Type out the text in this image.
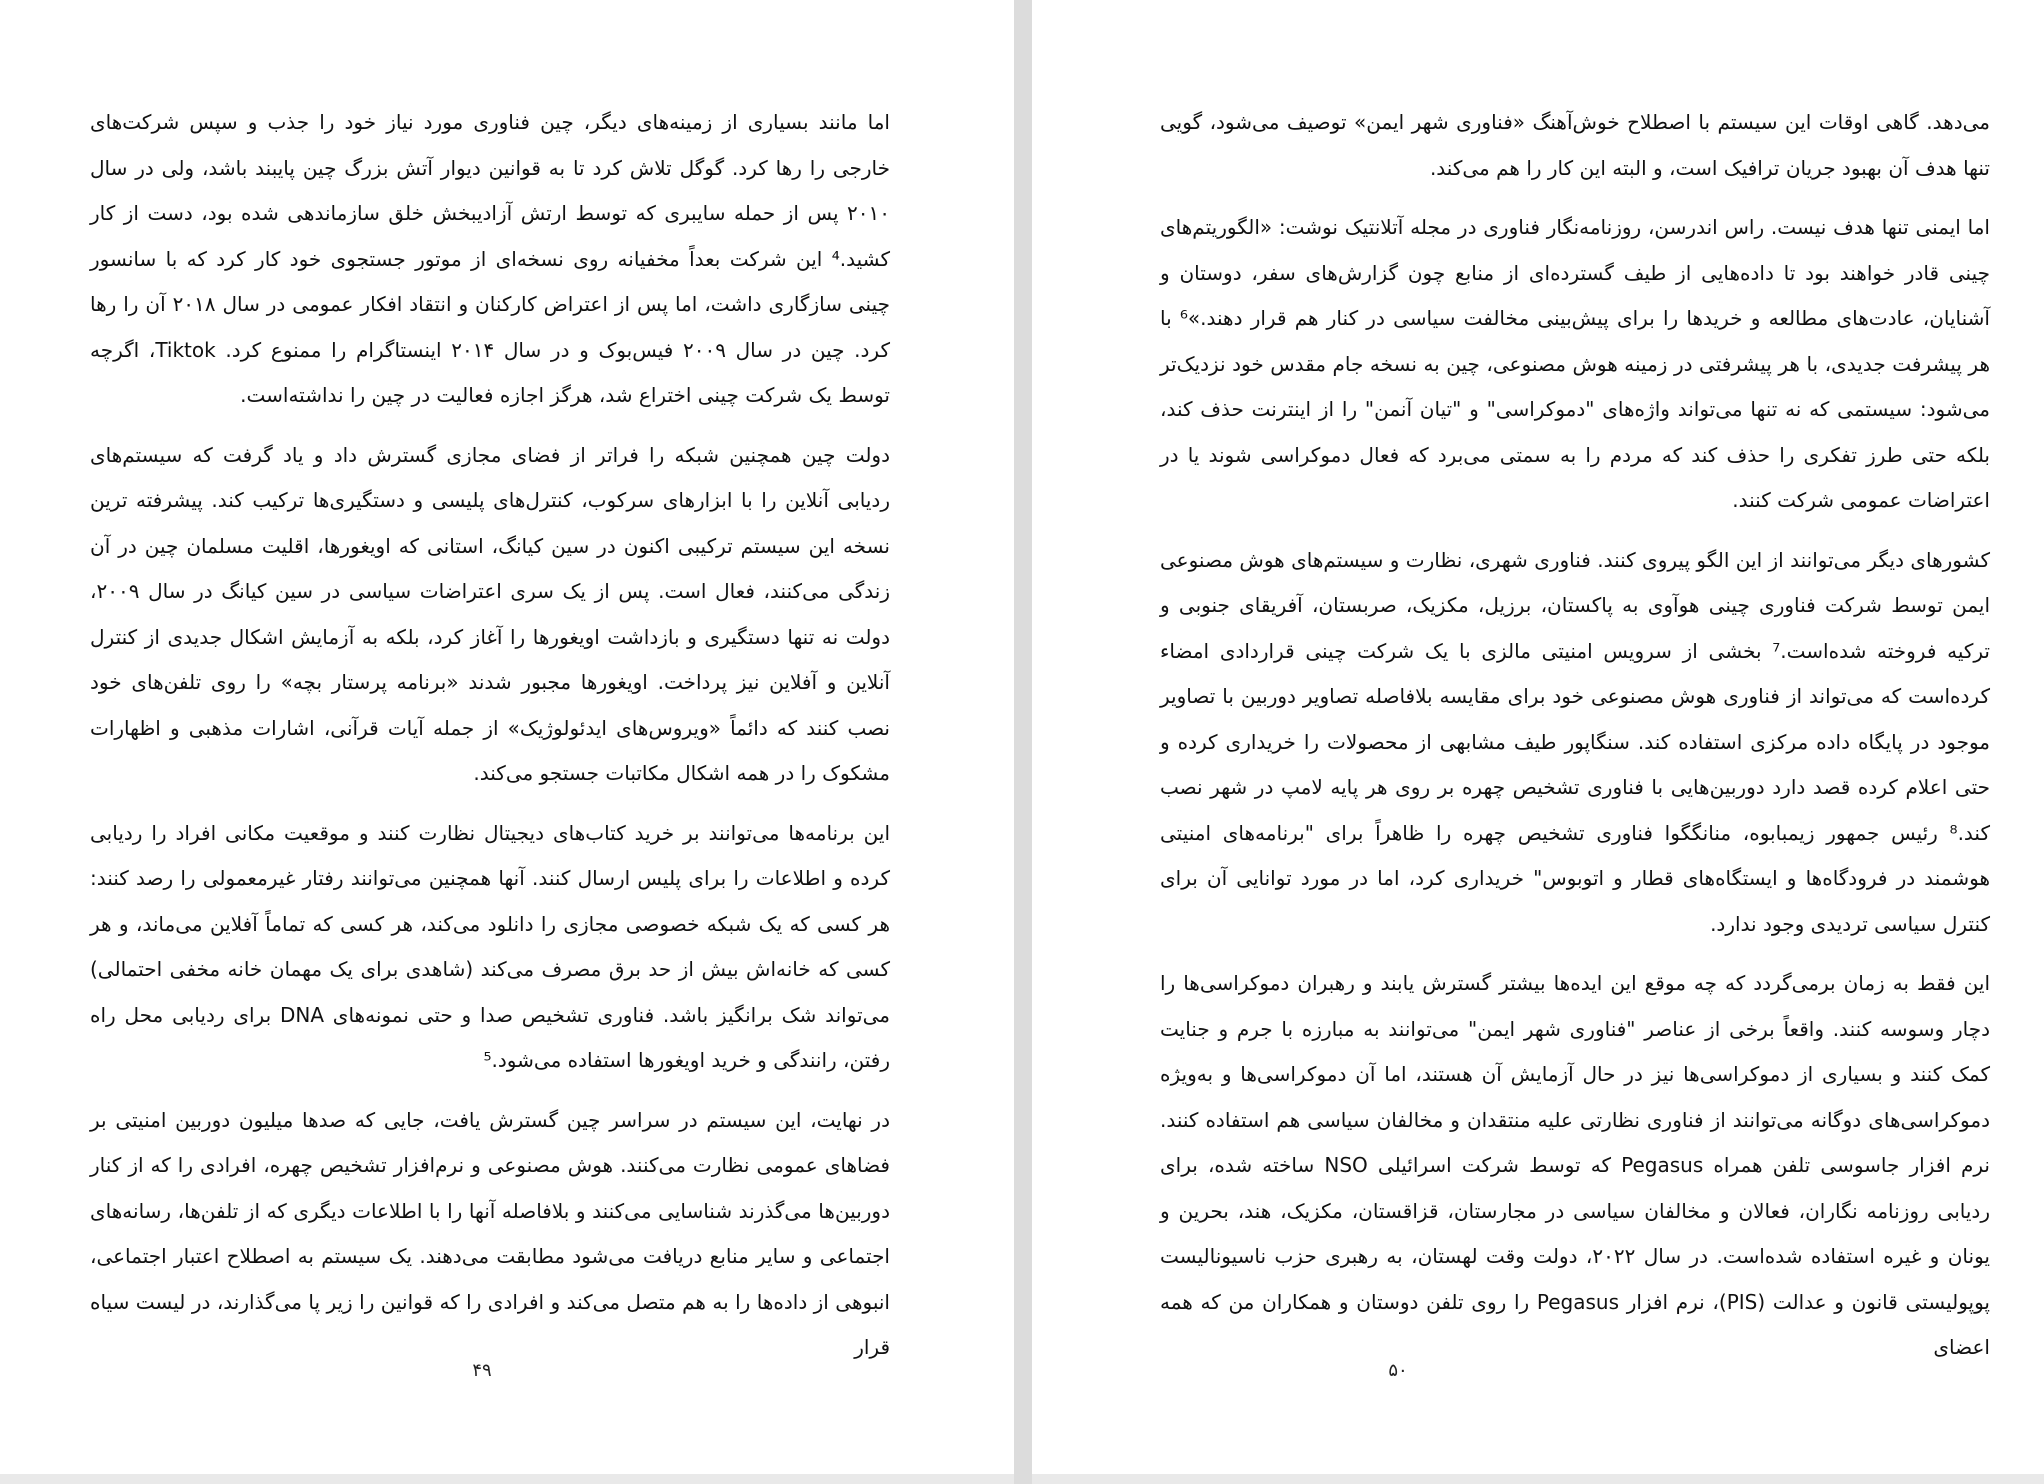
اما مانند بسیاری از زمینه‌های دیگر، چین فناوری مورد نیاز خود را جذب و سپس شرکت‌های خارجی را رها کرد. گوگل تلاش کرد تا به قوانین دیوار آتش بزرگ چین پایبند باشد، ولی در سال ۲۰۱۰ پس از حمله سایبری که توسط ارتش آزادیبخش خلق سازماندهی شده بود، دست از کار کشید.⁴ این شرکت بعداً مخفیانه روی نسخه‌ای از موتور جستجوی خود کار کرد که با سانسور چینی سازگاری داشت، اما پس از اعتراض کارکنان و انتقاد افکار عمومی در سال ۲۰۱۸ آن را رها کرد. چین در سال ۲۰۰۹ فیس‌بوک و در سال ۲۰۱۴ اینستاگرام را ممنوع کرد. Tiktok، اگرچه توسط یک شرکت چینی اختراع شد، هرگز اجازه فعالیت در چین را نداشته‌است.

دولت چین همچنین شبکه را فراتر از فضای مجازی گسترش داد و یاد گرفت که سیستم‌های ردیابی آنلاین را با ابزارهای سرکوب، کنترل‌های پلیسی و دستگیری‌ها ترکیب کند. پیشرفته ترین نسخه این سیستم ترکیبی اکنون در سین کیانگ، استانی که اویغورها، اقلیت مسلمان چین در آن زندگی می‌کنند، فعال است. پس از یک سری اعتراضات سیاسی در سین کیانگ در سال ۲۰۰۹، دولت نه تنها دستگیری و بازداشت اویغورها را آغاز کرد، بلکه به آزمایش اشکال جدیدی از کنترل آنلاین و آفلاین نیز پرداخت. اویغورها مجبور شدند «برنامه پرستار بچه» را روی تلفن‌های خود نصب کنند که دائماً «ویروس‌های ایدئولوژیک» از جمله آیات قرآنی، اشارات مذهبی و اظهارات مشکوک را در همه اشکال مکاتبات جستجو می‌کند.

این برنامه‌ها می‌توانند بر خرید کتاب‌های دیجیتال نظارت کنند و موقعیت مکانی افراد را ردیابی کرده و اطلاعات را برای پلیس ارسال کنند. آنها همچنین می‌توانند رفتار غیرمعمولی را رصد کنند: هر کسی که یک شبکه خصوصی مجازی را دانلود می‌کند، هر کسی که تماماً آفلاین می‌ماند، و هر کسی که خانه‌اش بیش از حد برق مصرف می‌کند (شاهدی برای یک مهمان خانه مخفی احتمالی) می‌تواند شک برانگیز باشد. فناوری تشخیص صدا و حتی نمونه‌های DNA برای ردیابی محل راه رفتن، رانندگی و خرید اویغورها استفاده می‌شود.⁵

در نهایت، این سیستم در سراسر چین گسترش یافت، جایی که صدها میلیون دوربین امنیتی بر فضاهای عمومی نظارت می‌کنند. هوش مصنوعی و نرم‌افزار تشخیص چهره، افرادی را که از کنار دوربین‌ها می‌گذرند شناسایی می‌کنند و بلافاصله آنها را با اطلاعات دیگری که از تلفن‌ها، رسانه‌های اجتماعی و سایر منابع دریافت می‌شود مطابقت می‌دهند. یک سیستم به اصطلاح اعتبار اجتماعی، انبوهی از داده‌ها را به هم متصل می‌کند و افرادی را که قوانین را زیر پا می‌گذارند، در لیست سیاه قرار

۴۹

می‌دهد. گاهی اوقات این سیستم با اصطلاح خوش‌آهنگ «فناوری شهر ایمن» توصیف می‌شود، گویی تنها هدف آن بهبود جریان ترافیک است، و البته این کار را هم می‌کند.

اما ایمنی تنها هدف نیست. راس اندرسن، روزنامه‌نگار فناوری در مجله آتلانتیک نوشت: «الگوریتم‌های چینی قادر خواهند بود تا داده‌هایی از طیف گسترده‌ای از منابع چون گزارش‌های سفر، دوستان و آشنایان، عادت‌های مطالعه و خریدها را برای پیش‌بینی مخالفت سیاسی در کنار هم قرار دهند.»⁶ با هر پیشرفت جدیدی، با هر پیشرفتی در زمینه هوش مصنوعی، چین به نسخه جام مقدس خود نزدیک‌تر می‌شود: سیستمی که نه تنها می‌تواند واژه‌های "دموکراسی" و "تیان آنمن" را از اینترنت حذف کند، بلکه حتی طرز تفکری را حذف کند که مردم را به سمتی می‌برد که فعال دموکراسی شوند یا در اعتراضات عمومی شرکت کنند.

کشورهای دیگر می‌توانند از این الگو پیروی کنند. فناوری شهری، نظارت و سیستم‌های هوش مصنوعی ایمن توسط شرکت فناوری چینی هوآوی به پاکستان، برزیل، مکزیک، صربستان، آفریقای جنوبی و ترکیه فروخته شده‌است.⁷ بخشی از سرویس امنیتی مالزی با یک شرکت چینی قراردادی امضاء کرده‌است که می‌تواند از فناوری هوش مصنوعی خود برای مقایسه بلافاصله تصاویر دوربین با تصاویر موجود در پایگاه داده مرکزی استفاده کند. سنگاپور طیف مشابهی از محصولات را خریداری کرده و حتی اعلام کرده قصد دارد دوربین‌هایی با فناوری تشخیص چهره بر روی هر پایه لامپ در شهر نصب کند.⁸ رئیس جمهور زیمبابوه، منانگگوا فناوری تشخیص چهره را ظاهراً برای "برنامه‌های امنیتی هوشمند در فرودگاه‌ها و ایستگاه‌های قطار و اتوبوس" خریداری کرد، اما در مورد توانایی آن برای کنترل سیاسی تردیدی وجود ندارد.

این فقط به زمان برمی‌گردد که چه موقع این ایده‌ها بیشتر گسترش یابند و رهبران دموکراسی‌ها را دچار وسوسه کنند. واقعاً برخی از عناصر "فناوری شهر ایمن" می‌توانند به مبارزه با جرم و جنایت کمک کنند و بسیاری از دموکراسی‌ها نیز در حال آزمایش آن هستند، اما آن دموکراسی‌ها و به‌ویژه دموکراسی‌های دوگانه می‌توانند از فناوری نظارتی علیه منتقدان و مخالفان سیاسی هم استفاده کنند. نرم افزار جاسوسی تلفن همراه Pegasus که توسط شرکت اسرائیلی NSO ساخته شده، برای ردیابی روزنامه نگاران، فعالان و مخالفان سیاسی در مجارستان، قزاقستان، مکزیک، هند، بحرین و یونان و غیره استفاده شده‌است. در سال ۲۰۲۲، دولت وقت لهستان، به رهبری حزب ناسیونالیست پوپولیستی قانون و عدالت (PIS)، نرم افزار Pegasus را روی تلفن دوستان و همکاران من که همه اعضای

۵۰
